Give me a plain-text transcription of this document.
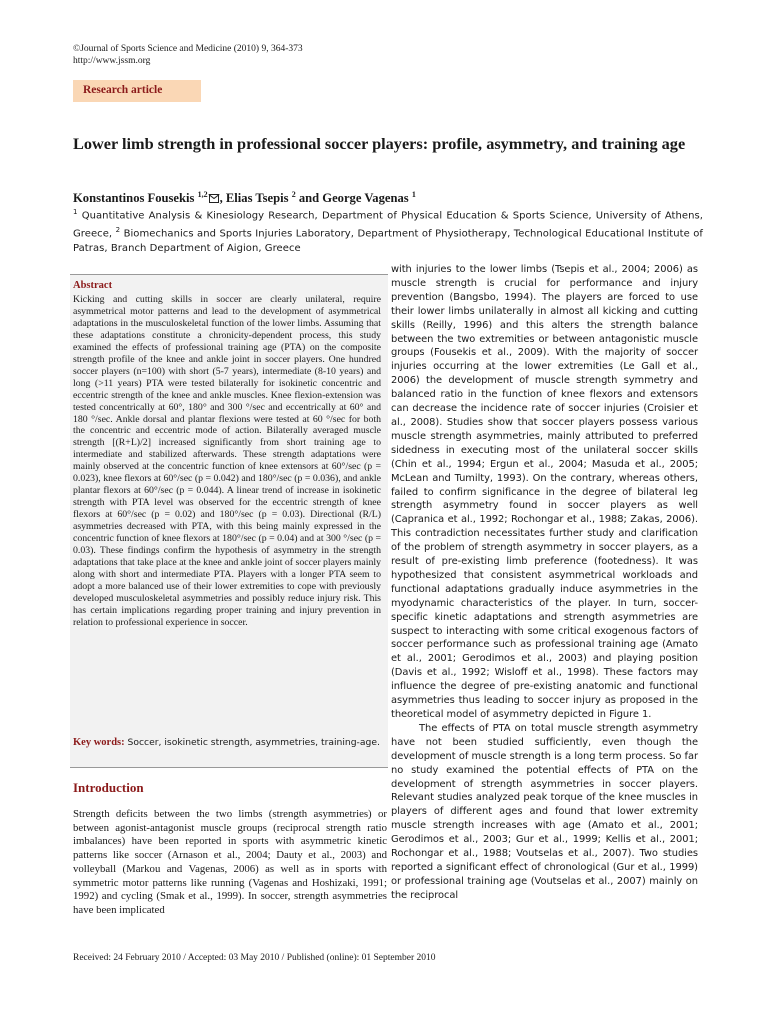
©Journal of Sports Science and Medicine (2010) 9, 364-373
http://www.jssm.org
Research article
Lower limb strength in professional soccer players: profile, asymmetry, and training age
Konstantinos Fousekis $^{1,2}$ , Elias Tsepis $^2$ and George Vagenas $^1$
$^1$ Quantitative Analysis & Kinesiology Research, Department of Physical Education & Sports Science, University of Athens, Greece, $^2$ Biomechanics and Sports Injuries Laboratory, Department of Physiotherapy, Technological Educational Institute of Patras, Branch Department of Aigion, Greece
Abstract
Kicking and cutting skills in soccer are clearly unilateral, require asymmetrical motor patterns and lead to the development of asymmetrical adaptations in the musculoskeletal function of the lower limbs. Assuming that these adaptations constitute a chronicity-dependent process, this study examined the effects of professional training age (PTA) on the composite strength profile of the knee and ankle joint in soccer players. One hundred soccer players (n=100) with short (5-7 years), intermediate (8-10 years) and long (>11 years) PTA were tested bilaterally for isokinetic concentric and eccentric strength of the knee and ankle muscles. Knee flexion-extension was tested concentrically at 60°, 180° and 300 °/sec and eccentrically at 60° and 180 °/sec. Ankle dorsal and plantar flexions were tested at 60 °/sec for both the concentric and eccentric mode of action. Bilaterally averaged muscle strength [(R+L)/2] increased significantly from short training age to intermediate and stabilized afterwards. These strength adaptations were mainly observed at the concentric function of knee extensors at 60°/sec (p = 0.023), knee flexors at 60°/sec (p = 0.042) and 180°/sec (p = 0.036), and ankle plantar flexors at 60°/sec (p = 0.044). A linear trend of increase in isokinetic strength with PTA level was observed for the eccentric strength of knee flexors at 60°/sec (p = 0.02) and 180°/sec (p = 0.03). Directional (R/L) asymmetries decreased with PTA, with this being mainly expressed in the concentric function of knee flexors at 180°/sec (p = 0.04) and at 300 °/sec (p = 0.03). These findings confirm the hypothesis of asymmetry in the strength adaptations that take place at the knee and ankle joint of soccer players mainly along with short and intermediate PTA. Players with a longer PTA seem to adopt a more balanced use of their lower extremities to cope with previously developed musculoskeletal asymmetries and possibly reduce injury risk. This has certain implications regarding proper training and injury prevention in relation to professional experience in soccer.
Key words: Soccer, isokinetic strength, asymmetries, training-age.
Introduction
Strength deficits between the two limbs (strength asymmetries) or between agonist-antagonist muscle groups (reciprocal strength ratio imbalances) have been reported in sports with asymmetric kinetic patterns like soccer (Arnason et al., 2004; Dauty et al., 2003) and volleyball (Markou and Vagenas, 2006) as well as in sports with symmetric motor patterns like running (Vagenas and Hoshizaki, 1991; 1992) and cycling (Smak et al., 1999). In soccer, strength asymmetries have been implicated

with injuries to the lower limbs (Tsepis et al., 2004; 2006) as muscle strength is crucial for performance and injury prevention (Bangsbo, 1994). The players are forced to use their lower limbs unilaterally in almost all kicking and cutting skills (Reilly, 1996) and this alters the strength balance between the two extremities or between antagonistic muscle groups (Fousekis et al., 2009). With the majority of soccer injuries occurring at the lower extremities (Le Gall et al., 2006) the development of muscle strength symmetry and balanced ratio in the function of knee flexors and extensors can decrease the incidence rate of soccer injuries (Croisier et al., 2008). Studies show that soccer players possess various muscle strength asymmetries, mainly attributed to preferred sidedness in executing most of the unilateral soccer skills (Chin et al., 1994; Ergun et al., 2004; Masuda et al., 2005; McLean and Tumilty, 1993). On the contrary, whereas others, failed to confirm significance in the degree of bilateral leg strength asymmetry found in soccer players as well (Capranica et al., 1992; Rochongar et al., 1988; Zakas, 2006). This contradiction necessitates further study and clarification of the problem of strength asymmetry in soccer players, as a result of pre-existing limb preference (footedness). It was hypothesized that consistent asymmetrical workloads and functional adaptations gradually induce asymmetries in the myodynamic characteristics of the player. In turn, soccer-specific kinetic adaptations and strength asymmetries are suspect to interacting with some critical exogenous factors of soccer performance such as professional training age (Amato et al., 2001; Gerodimos et al., 2003) and playing position (Davis et al., 1992; Wisloff et al., 1998). These factors may influence the degree of pre-existing anatomic and functional asymmetries thus leading to soccer injury as proposed in the theoretical model of asymmetry depicted in Figure 1.

The effects of PTA on total muscle strength asymmetry have not been studied sufficiently, even though the development of muscle strength is a long term process. So far no study examined the potential effects of PTA on the development of strength asymmetries in soccer players. Relevant studies analyzed peak torque of the knee muscles in players of different ages and found that lower extremity muscle strength increases with age (Amato et al., 2001; Gerodimos et al., 2003; Gur et al., 1999; Kellis et al., 2001; Rochongar et al., 1988; Voutselas et al., 2007). Two studies reported a significant effect of chronological (Gur et al., 1999) or professional training age (Voutselas et al., 2007) mainly on the reciprocal

Received: 24 February 2010 / Accepted: 03 May 2010 / Published (online): 01 September 2010
